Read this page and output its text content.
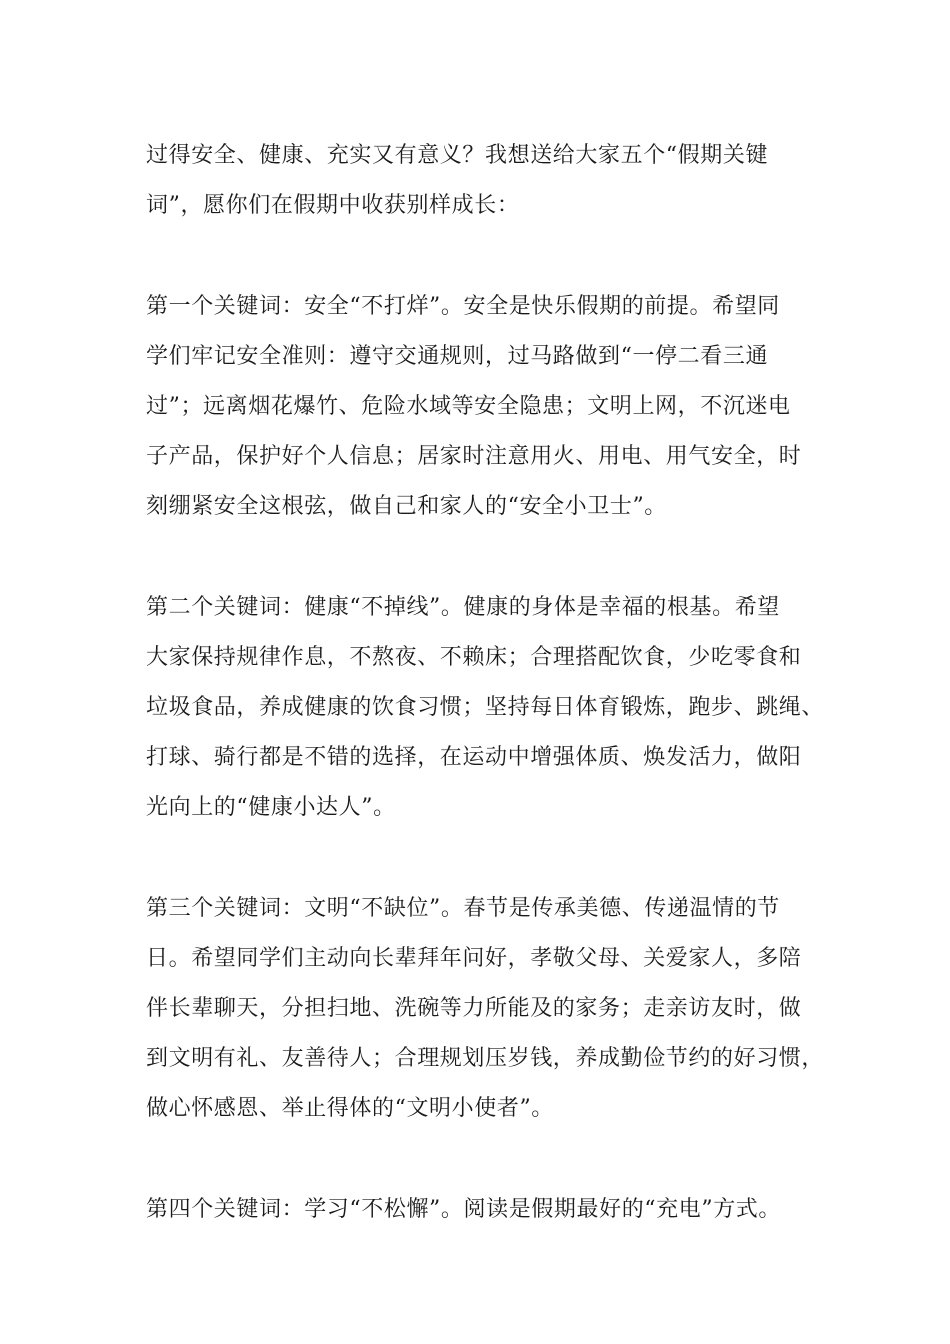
过得安全、健康、充实又有意义？我想送给大家五个“假期关键
词”，愿你们在假期中收获别样成长：
第一个关键词：安全“不打烊”。安全是快乐假期的前提。希望同
学们牢记安全准则：遵守交通规则，过马路做到“一停二看三通
过”；远离烟花爆竹、危险水域等安全隐患；文明上网，不沉迷电
子产品，保护好个人信息；居家时注意用火、用电、用气安全，时
刻绷紧安全这根弦，做自己和家人的“安全小卫士”。
第二个关键词：健康“不掉线”。健康的身体是幸福的根基。希望
大家保持规律作息，不熬夜、不赖床；合理搭配饮食，少吃零食和
垃圾食品，养成健康的饮食习惯；坚持每日体育锻炼，跑步、跳绳、
打球、骑行都是不错的选择，在运动中增强体质、焕发活力，做阳
光向上的“健康小达人”。
第三个关键词：文明“不缺位”。春节是传承美德、传递温情的节
日。希望同学们主动向长辈拜年问好，孝敬父母、关爱家人，多陪
伴长辈聊天，分担扫地、洗碗等力所能及的家务；走亲访友时，做
到文明有礼、友善待人；合理规划压岁钱，养成勤俭节约的好习惯，
做心怀感恩、举止得体的“文明小使者”。
第四个关键词：学习“不松懈”。阅读是假期最好的“充电”方式。
